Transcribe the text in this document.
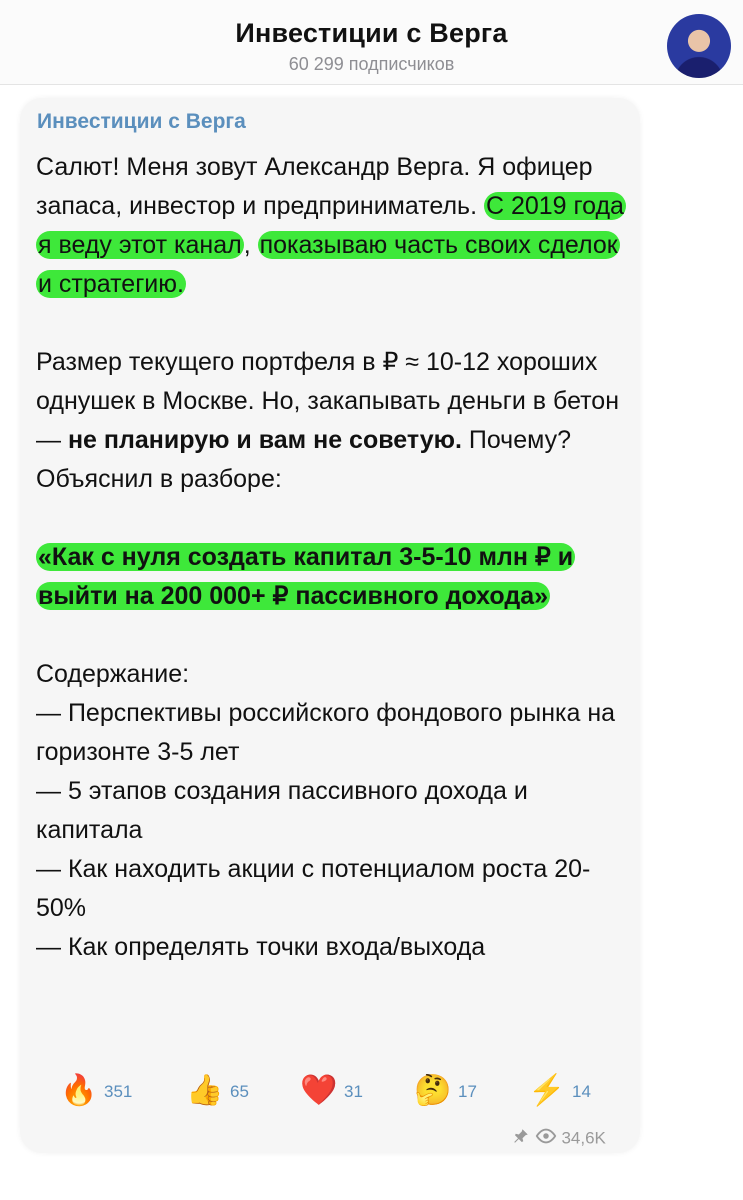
Инвестиции с Верга
60 299 подписчиков
Инвестиции с Верга

Салют! Меня зовут Александр Верга. Я офицер запаса, инвестор и предприниматель. С 2019 года я веду этот канал, показываю часть своих сделок и стратегию.

Размер текущего портфеля в ₽ ≈ 10-12 хороших однушек в Москве. Но, закапывать деньги в бетон — не планирую и вам не советую. Почему? Объяснил в разборе:

«Как с нуля создать капитал 3-5-10 млн ₽ и выйти на 200 000+ ₽ пассивного дохода»

Содержание:

— Перспективы российского фондового рынка на горизонте 3-5 лет

— 5 этапов создания пассивного дохода и капитала

— Как находить акции с потенциалом роста 20-50%

— Как определять точки входа/выхода

🔥 351 👍 65 ❤️ 31 🤔 17 ⚡ 14
34,6K
